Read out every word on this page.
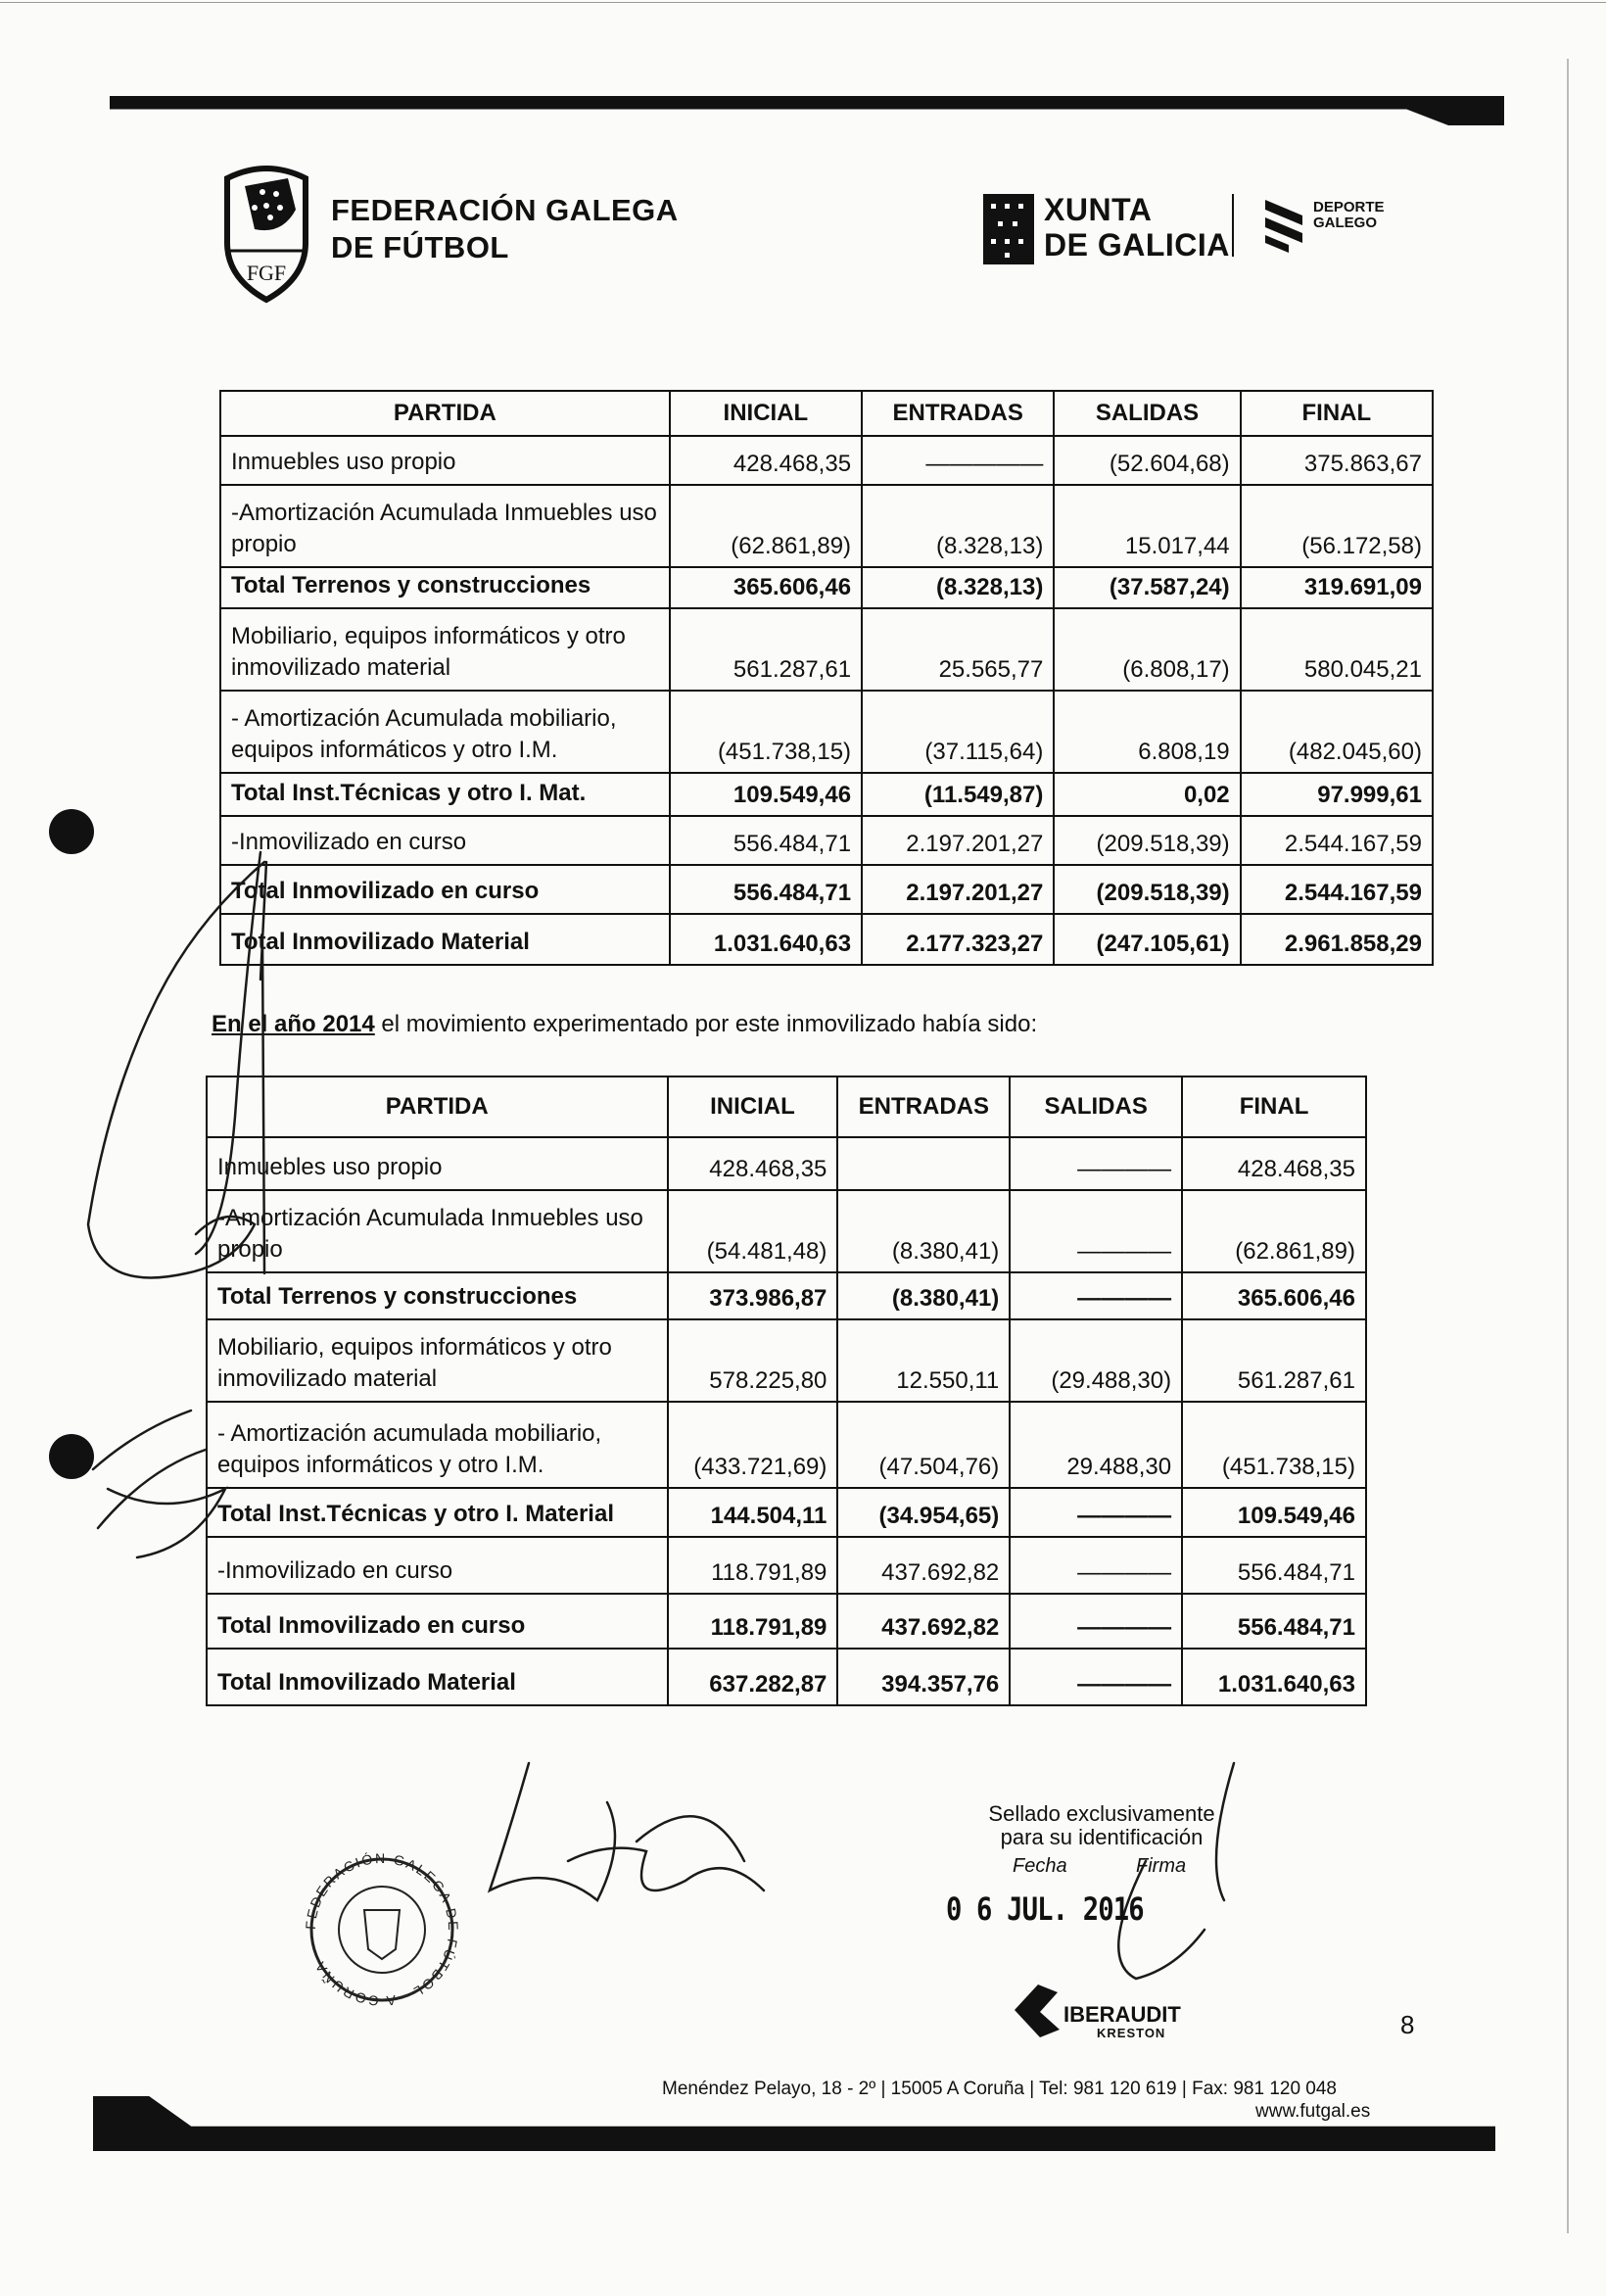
FGF
FEDERACIÓN GALEGA
DE FÚTBOL
XUNTA
DE GALICIA
DEPORTE
GALEGO
PARTIDA	INICIAL	ENTRADAS	SALIDAS	FINAL
Inmuebles uso propio	428.468,35	—————	(52.604,68)	375.863,67
-Amortización Acumulada Inmuebles uso propio	(62.861,89)	(8.328,13)	15.017,44	(56.172,58)
Total Terrenos y construcciones	365.606,46	(8.328,13)	(37.587,24)	319.691,09
Mobiliario, equipos informáticos y otro inmovilizado material	561.287,61	25.565,77	(6.808,17)	580.045,21
- Amortización Acumulada mobiliario, equipos informáticos y otro I.M.	(451.738,15)	(37.115,64)	6.808,19	(482.045,60)
Total Inst.Técnicas y otro I. Mat.	109.549,46	(11.549,87)	0,02	97.999,61
-Inmovilizado en curso	556.484,71	2.197.201,27	(209.518,39)	2.544.167,59
Total Inmovilizado en curso	556.484,71	2.197.201,27	(209.518,39)	2.544.167,59
Total Inmovilizado Material	1.031.640,63	2.177.323,27	(247.105,61)	2.961.858,29
En el año 2014 el movimiento experimentado por este inmovilizado había sido:
PARTIDA	INICIAL	ENTRADAS	SALIDAS	FINAL
Inmuebles uso propio	428.468,35		————	428.468,35
-Amortización Acumulada Inmuebles uso propio	(54.481,48)	(8.380,41)	————	(62.861,89)
Total Terrenos y construcciones	373.986,87	(8.380,41)	————	365.606,46
Mobiliario, equipos informáticos y otro inmovilizado material	578.225,80	12.550,11	(29.488,30)	561.287,61
- Amortización acumulada mobiliario, equipos informáticos y otro I.M.	(433.721,69)	(47.504,76)	29.488,30	(451.738,15)
Total Inst.Técnicas y otro I. Material	144.504,11	(34.954,65)	————	109.549,46
-Inmovilizado en curso	118.791,89	437.692,82	————	556.484,71
Total Inmovilizado en curso	118.791,89	437.692,82	————	556.484,71
Total Inmovilizado Material	637.282,87	394.357,76	————	1.031.640,63
FEDERACIÓN GALEGA DE FÚTBOL · A CORUÑA ·
Sellado exclusivamente
para su identificación
Fecha	Firma
0 6 JUL. 2016
IBERAUDIT
KRESTON	8
Menéndez Pelayo, 18 - 2º | 15005 A Coruña | Tel: 981 120 619 | Fax: 981 120 048
www.futgal.es
